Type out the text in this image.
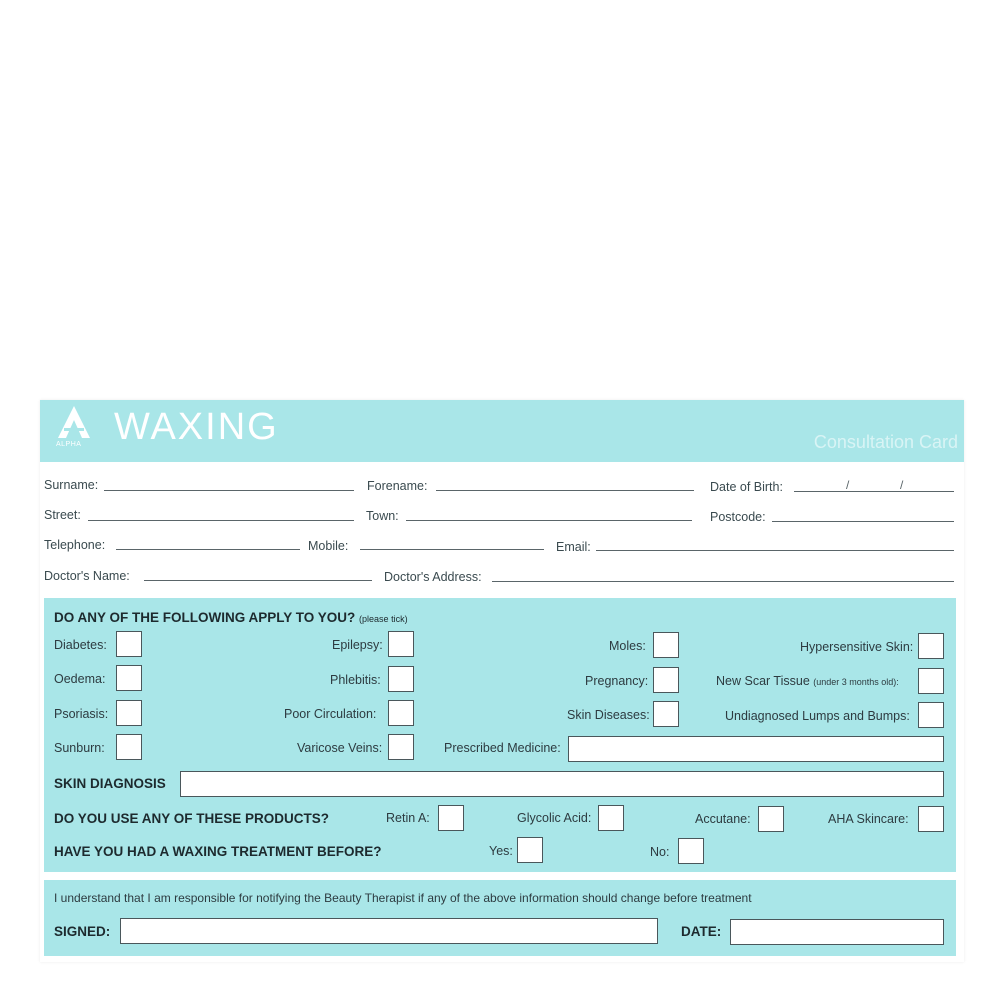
ALPHA WAXING	Consultation Card
Surname:	Forename:	Date of Birth:	/	/
Street:	Town:	Postcode:
Telephone:	Mobile:	Email:
Doctor's Name:	Doctor's Address:
DO ANY OF THE FOLLOWING APPLY TO YOU? (please tick)
Diabetes:	Epilepsy:	Moles:	Hypersensitive Skin:
Oedema:	Phlebitis:	Pregnancy:	New Scar Tissue (under 3 months old):
Psoriasis:	Poor Circulation:	Skin Diseases:	Undiagnosed Lumps and Bumps:
Sunburn:	Varicose Veins:	Prescribed Medicine:
SKIN DIAGNOSIS
DO YOU USE ANY OF THESE PRODUCTS?	Retin A:	Glycolic Acid:	Accutane:	AHA Skincare:
HAVE YOU HAD A WAXING TREATMENT BEFORE?	Yes:	No:
I understand that I am responsible for notifying the Beauty Therapist if any of the above information should change before treatment
SIGNED:	DATE:
